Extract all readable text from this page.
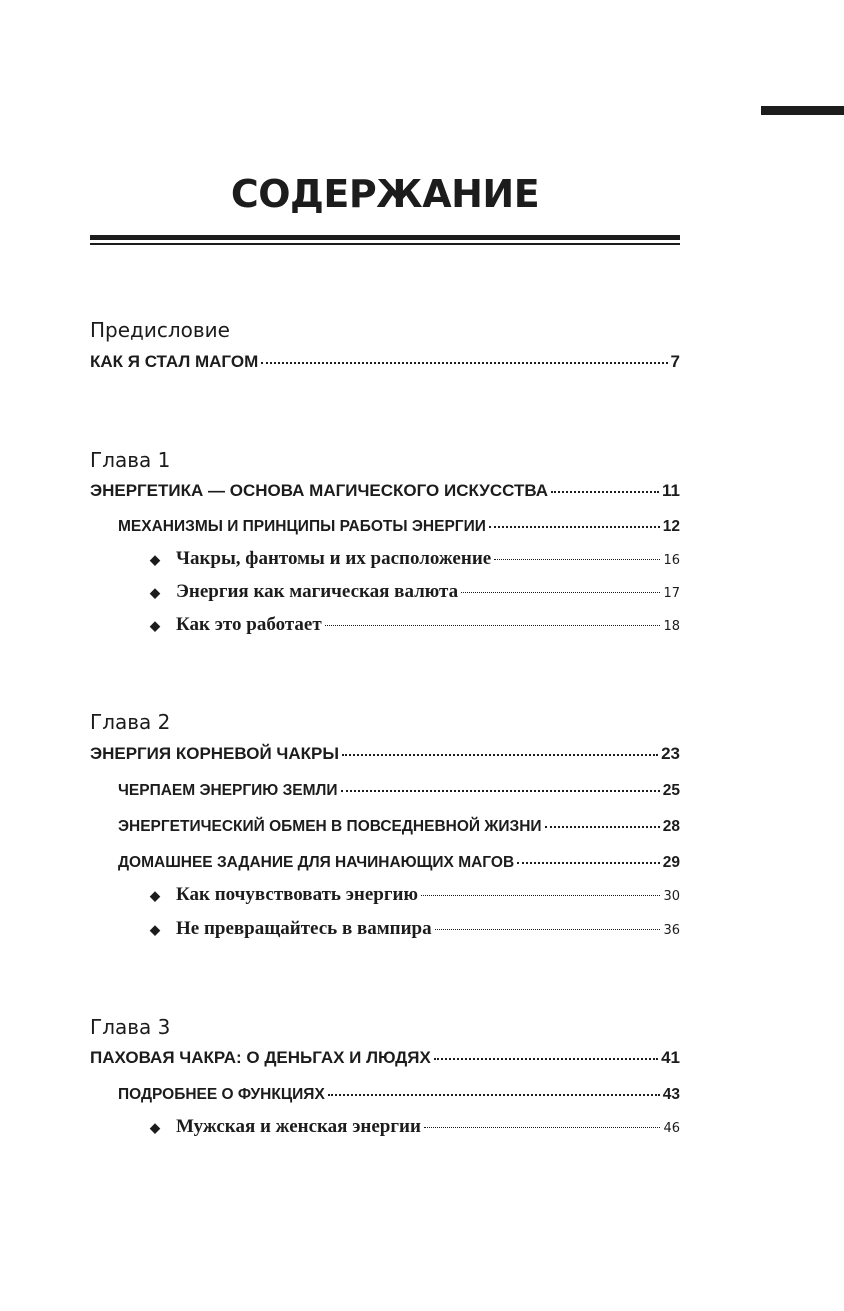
СОДЕРЖАНИЕ
Предисловие
КАК Я СТАЛ МАГОМ	7
Глава 1
ЭНЕРГЕТИКА — ОСНОВА МАГИЧЕСКОГО ИСКУССТВА	11
МЕХАНИЗМЫ И ПРИНЦИПЫ РАБОТЫ ЭНЕРГИИ	12
◆ Чакры, фантомы и их расположение	16
◆ Энергия как магическая валюта	17
◆ Как это работает	18
Глава 2
ЭНЕРГИЯ КОРНЕВОЙ ЧАКРЫ	23
ЧЕРПАЕМ ЭНЕРГИЮ ЗЕМЛИ	25
ЭНЕРГЕТИЧЕСКИЙ ОБМЕН В ПОВСЕДНЕВНОЙ ЖИЗНИ	28
ДОМАШНЕЕ ЗАДАНИЕ ДЛЯ НАЧИНАЮЩИХ МАГОВ	29
◆ Как почувствовать энергию	30
◆ Не превращайтесь в вампира	36
Глава 3
ПАХОВАЯ ЧАКРА: О ДЕНЬГАХ И ЛЮДЯХ	41
ПОДРОБНЕЕ О ФУНКЦИЯХ	43
◆ Мужская и женская энергии	46
